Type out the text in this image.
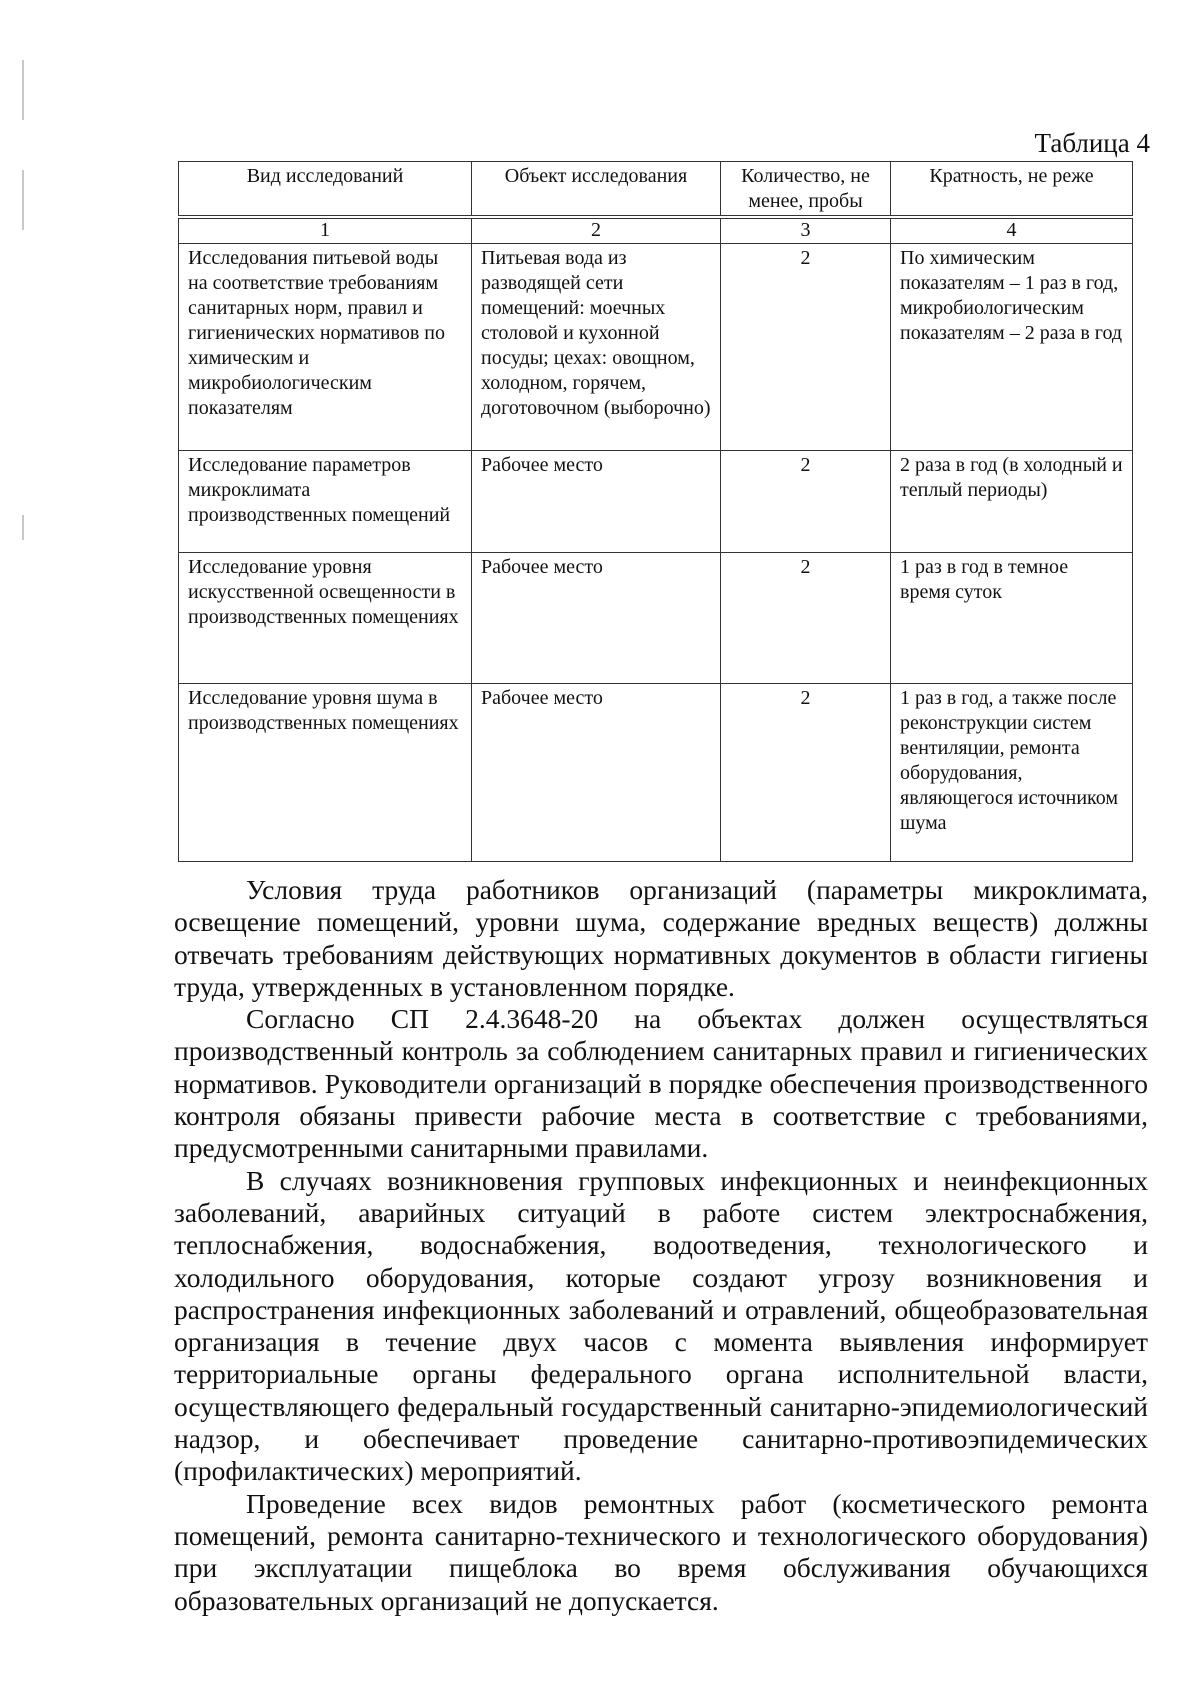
Таблица 4
Вид исследований	Объект исследования	Количество, не менее, пробы	Кратность, не реже
1	2	3	4
Исследования питьевой воды на соответствие требованиям санитарных норм, правил и гигиенических нормативов по химическим и микробиологическим показателям	Питьевая вода из разводящей сети помещений: моечных столовой и кухонной посуды; цехах: овощном, холодном, горячем, доготовочном (выборочно)	2	По химическим показателям – 1 раз в год, микробиологическим показателям – 2 раза в год
Исследование параметров микроклимата производственных помещений	Рабочее место	2	2 раза в год (в холодный и теплый периоды)
Исследование уровня искусственной освещенности в производственных помещениях	Рабочее место	2	1 раз в год в темное время суток
Исследование уровня шума в производственных помещениях	Рабочее место	2	1 раз в год, а также после реконструкции систем вентиляции, ремонта оборудования, являющегося источником шума

Условия труда работников организаций (параметры микроклимата, освещение помещений, уровни шума, содержание вредных веществ) должны отвечать требованиям действующих нормативных документов в области гигиены труда, утвержденных в установленном порядке.

Согласно СП 2.4.3648-20 на объектах должен осуществляться производственный контроль за соблюдением санитарных правил и гигиенических нормативов. Руководители организаций в порядке обеспечения производственного контроля обязаны привести рабочие места в соответствие с требованиями, предусмотренными санитарными правилами.

В случаях возникновения групповых инфекционных и неинфекционных заболеваний, аварийных ситуаций в работе систем электроснабжения, теплоснабжения, водоснабжения, водоотведения, технологического и холодильного оборудования, которые создают угрозу возникновения и распространения инфекционных заболеваний и отравлений, общеобразовательная организация в течение двух часов с момента выявления информирует территориальные органы федерального органа исполнительной власти, осуществляющего федеральный государственный санитарно-эпидемиологический надзор, и обеспечивает проведение санитарно-противоэпидемических (профилактических) мероприятий.

Проведение всех видов ремонтных работ (косметического ремонта помещений, ремонта санитарно-технического и технологического оборудования) при эксплуатации пищеблока во время обслуживания обучающихся образовательных организаций не допускается.
